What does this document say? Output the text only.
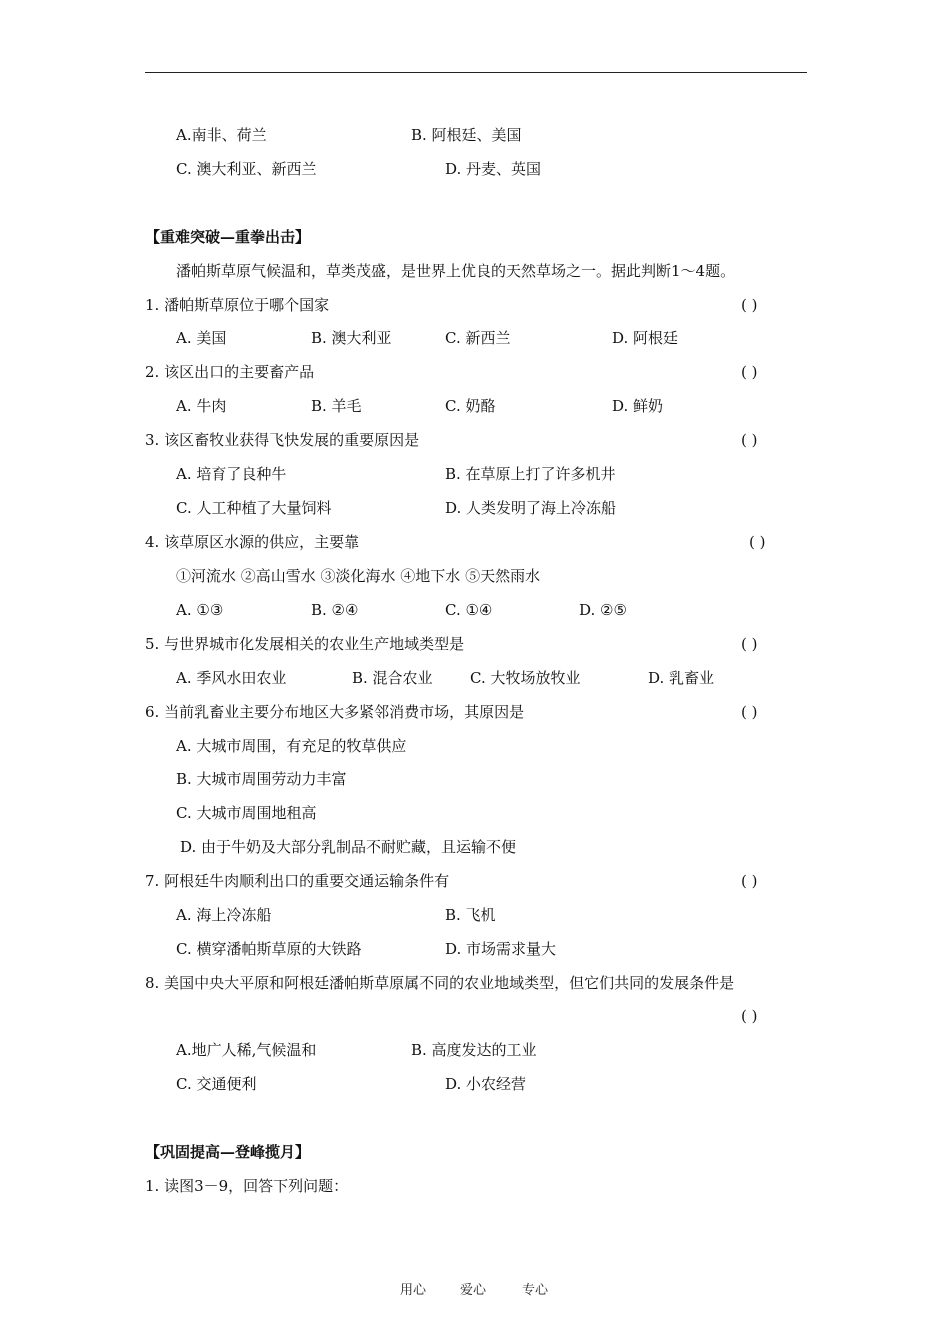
A.南非、荷兰	B. 阿根廷、美国
C. 澳大利亚、新西兰	D. 丹麦、英国
【重难突破—重拳出击】
潘帕斯草原气候温和，草类茂盛，是世界上优良的天然草场之一。据此判断1～4题。
1. 潘帕斯草原位于哪个国家	( )
A. 美国	B. 澳大利亚	C. 新西兰	D. 阿根廷
2. 该区出口的主要畜产品	( )
A. 牛肉	B. 羊毛	C. 奶酪	D. 鲜奶
3. 该区畜牧业获得飞快发展的重要原因是	( )
A. 培育了良种牛	B. 在草原上打了许多机井
C. 人工种植了大量饲料	D. 人类发明了海上冷冻船
4. 该草原区水源的供应，主要靠	( )
①河流水 ②高山雪水 ③淡化海水 ④地下水 ⑤天然雨水
A. ①③	B. ②④	C. ①④	D. ②⑤
5. 与世界城市化发展相关的农业生产地域类型是	( )
A. 季风水田农业	B. 混合农业 C. 大牧场放牧业	D. 乳畜业
6. 当前乳畜业主要分布地区大多紧邻消费市场，其原因是	( )
A. 大城市周围，有充足的牧草供应
B. 大城市周围劳动力丰富
C. 大城市周围地租高
D. 由于牛奶及大部分乳制品不耐贮藏，且运输不便
7. 阿根廷牛肉顺利出口的重要交通运输条件有	( )
A. 海上冷冻船	B. 飞机
C. 横穿潘帕斯草原的大铁路	D. 市场需求量大
8. 美国中央大平原和阿根廷潘帕斯草原属不同的农业地域类型，但它们共同的发展条件是
( )
A.地广人稀,气候温和	B. 高度发达的工业
C. 交通便利	D. 小农经营
【巩固提高—登峰揽月】
1. 读图3－9，回答下列问题：
用心	爱心	专心
